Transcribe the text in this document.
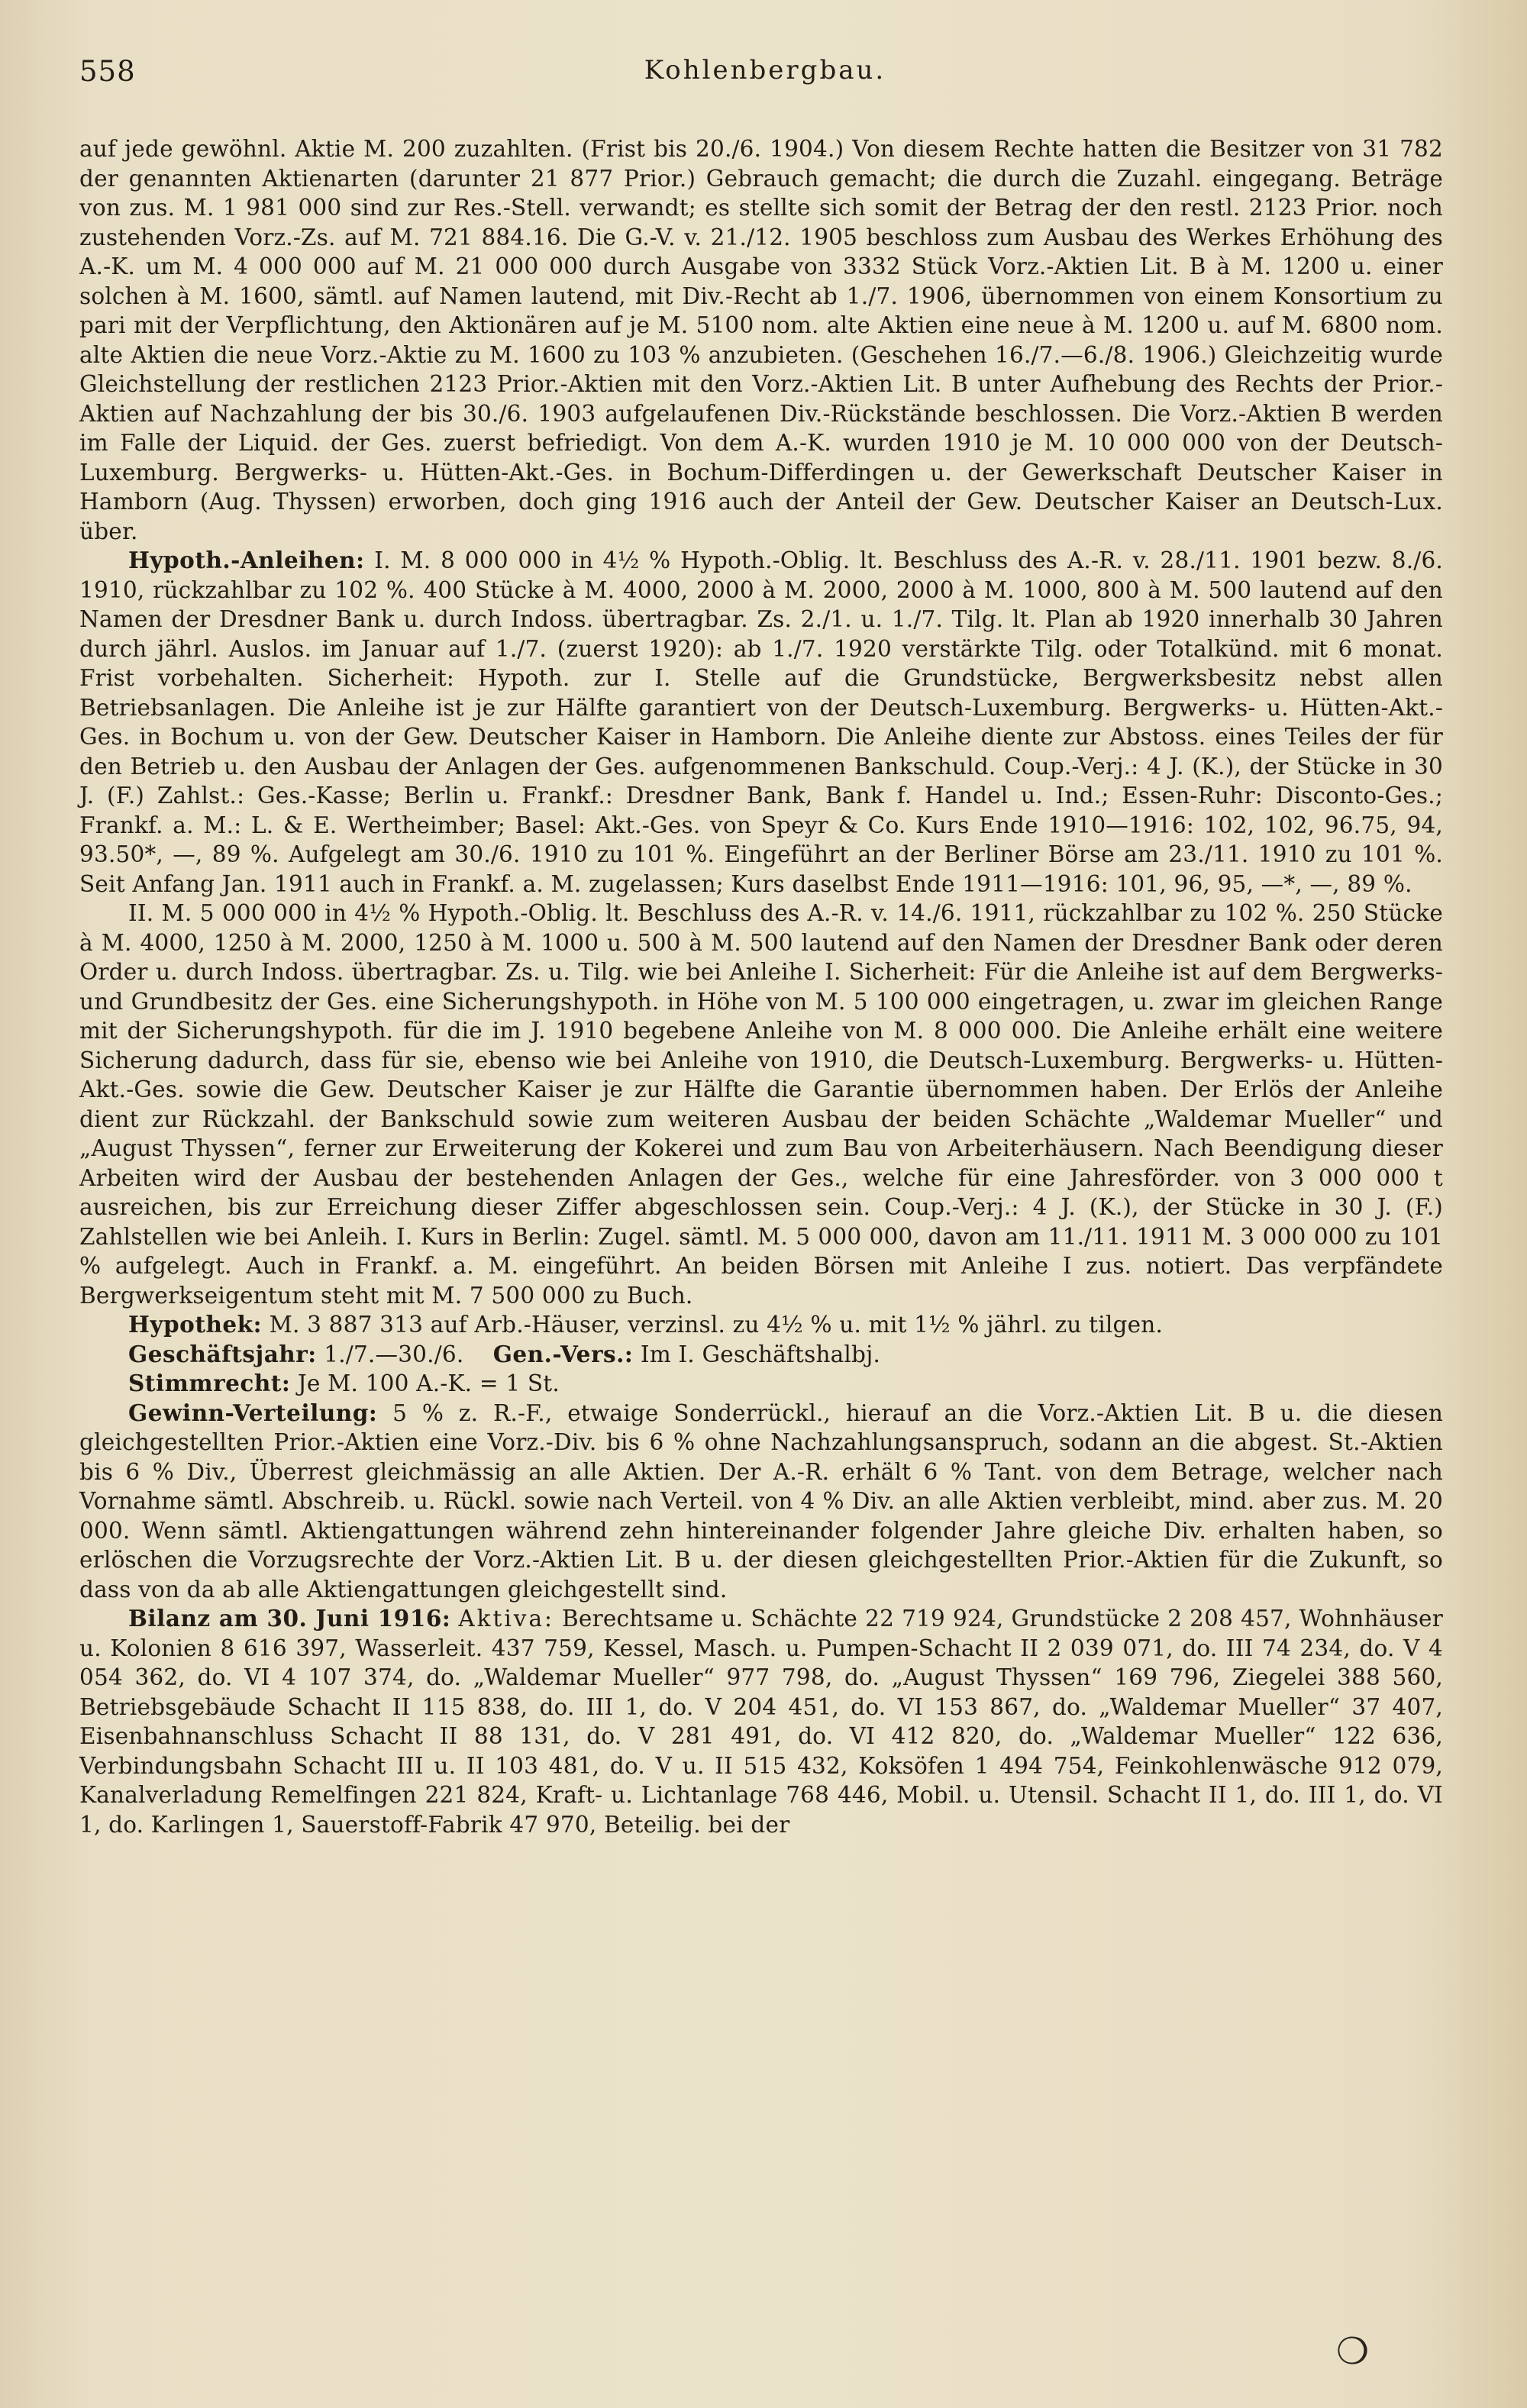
558	Kohlenbergbau.

auf jede gewöhnl. Aktie M. 200 zuzahlten. (Frist bis 20./6. 1904.) Von diesem Rechte hatten die Besitzer von 31 782 der genannten Aktienarten (darunter 21 877 Prior.) Gebrauch gemacht; die durch die Zuzahl. eingegang. Beträge von zus. M. 1 981 000 sind zur Res.-Stell. verwandt; es stellte sich somit der Betrag der den restl. 2123 Prior. noch zustehenden Vorz.-Zs. auf M. 721 884.16. Die G.-V. v. 21./12. 1905 beschloss zum Ausbau des Werkes Erhöhung des A.-K. um M. 4 000 000 auf M. 21 000 000 durch Ausgabe von 3332 Stück Vorz.-Aktien Lit. B à M. 1200 u. einer solchen à M. 1600, sämtl. auf Namen lautend, mit Div.-Recht ab 1./7. 1906, übernommen von einem Konsortium zu pari mit der Verpflichtung, den Aktionären auf je M. 5100 nom. alte Aktien eine neue à M. 1200 u. auf M. 6800 nom. alte Aktien die neue Vorz.-Aktie zu M. 1600 zu 103 % anzubieten. (Geschehen 16./7.—6./8. 1906.) Gleichzeitig wurde Gleichstellung der restlichen 2123 Prior.-Aktien mit den Vorz.-Aktien Lit. B unter Aufhebung des Rechts der Prior.-Aktien auf Nachzahlung der bis 30./6. 1903 aufgelaufenen Div.-Rückstände beschlossen. Die Vorz.-Aktien B werden im Falle der Liquid. der Ges. zuerst befriedigt. Von dem A.-K. wurden 1910 je M. 10 000 000 von der Deutsch-Luxemburg. Bergwerks- u. Hütten-Akt.-Ges. in Bochum-Differdingen u. der Gewerkschaft Deutscher Kaiser in Hamborn (Aug. Thyssen) erworben, doch ging 1916 auch der Anteil der Gew. Deutscher Kaiser an Deutsch-Lux. über.

Hypoth.-Anleihen: I. M. 8 000 000 in 4½ % Hypoth.-Oblig. lt. Beschluss des A.-R. v. 28./11. 1901 bezw. 8./6. 1910, rückzahlbar zu 102 %. 400 Stücke à M. 4000, 2000 à M. 2000, 2000 à M. 1000, 800 à M. 500 lautend auf den Namen der Dresdner Bank u. durch Indoss. übertragbar. Zs. 2./1. u. 1./7. Tilg. lt. Plan ab 1920 innerhalb 30 Jahren durch jährl. Auslos. im Januar auf 1./7. (zuerst 1920): ab 1./7. 1920 verstärkte Tilg. oder Totalkünd. mit 6 monat. Frist vorbehalten. Sicherheit: Hypoth. zur I. Stelle auf die Grundstücke, Bergwerksbesitz nebst allen Betriebsanlagen. Die Anleihe ist je zur Hälfte garantiert von der Deutsch-Luxemburg. Bergwerks- u. Hütten-Akt.-Ges. in Bochum u. von der Gew. Deutscher Kaiser in Hamborn. Die Anleihe diente zur Abstoss. eines Teiles der für den Betrieb u. den Ausbau der Anlagen der Ges. aufgenommenen Bankschuld. Coup.-Verj.: 4 J. (K.), der Stücke in 30 J. (F.) Zahlst.: Ges.-Kasse; Berlin u. Frankf.: Dresdner Bank, Bank f. Handel u. Ind.; Essen-Ruhr: Disconto-Ges.; Frankf. a. M.: L. & E. Wertheimber; Basel: Akt.-Ges. von Speyr & Co. Kurs Ende 1910—1916: 102, 102, 96.75, 94, 93.50*, —, 89 %. Aufgelegt am 30./6. 1910 zu 101 %. Eingeführt an der Berliner Börse am 23./11. 1910 zu 101 %. Seit Anfang Jan. 1911 auch in Frankf. a. M. zugelassen; Kurs daselbst Ende 1911—1916: 101, 96, 95, —*, —, 89 %.

II. M. 5 000 000 in 4½ % Hypoth.-Oblig. lt. Beschluss des A.-R. v. 14./6. 1911, rückzahlbar zu 102 %. 250 Stücke à M. 4000, 1250 à M. 2000, 1250 à M. 1000 u. 500 à M. 500 lautend auf den Namen der Dresdner Bank oder deren Order u. durch Indoss. übertragbar. Zs. u. Tilg. wie bei Anleihe I. Sicherheit: Für die Anleihe ist auf dem Bergwerks- und Grundbesitz der Ges. eine Sicherungshypoth. in Höhe von M. 5 100 000 eingetragen, u. zwar im gleichen Range mit der Sicherungshypoth. für die im J. 1910 begebene Anleihe von M. 8 000 000. Die Anleihe erhält eine weitere Sicherung dadurch, dass für sie, ebenso wie bei Anleihe von 1910, die Deutsch-Luxemburg. Bergwerks- u. Hütten-Akt.-Ges. sowie die Gew. Deutscher Kaiser je zur Hälfte die Garantie übernommen haben. Der Erlös der Anleihe dient zur Rückzahl. der Bankschuld sowie zum weiteren Ausbau der beiden Schächte „Waldemar Mueller“ und „August Thyssen“, ferner zur Erweiterung der Kokerei und zum Bau von Arbeiterhäusern. Nach Beendigung dieser Arbeiten wird der Ausbau der bestehenden Anlagen der Ges., welche für eine Jahresförder. von 3 000 000 t ausreichen, bis zur Erreichung dieser Ziffer abgeschlossen sein. Coup.-Verj.: 4 J. (K.), der Stücke in 30 J. (F.) Zahlstellen wie bei Anleih. I. Kurs in Berlin: Zugel. sämtl. M. 5 000 000, davon am 11./11. 1911 M. 3 000 000 zu 101 % aufgelegt. Auch in Frankf. a. M. eingeführt. An beiden Börsen mit Anleihe I zus. notiert. Das verpfändete Bergwerkseigentum steht mit M. 7 500 000 zu Buch.

Hypothek: M. 3 887 313 auf Arb.-Häuser, verzinsl. zu 4½ % u. mit 1½ % jährl. zu tilgen.

Geschäftsjahr: 1./7.—30./6. Gen.-Vers.: Im I. Geschäftshalbj.

Stimmrecht: Je M. 100 A.-K. = 1 St.

Gewinn-Verteilung: 5 % z. R.-F., etwaige Sonderrückl., hierauf an die Vorz.-Aktien Lit. B u. die diesen gleichgestellten Prior.-Aktien eine Vorz.-Div. bis 6 % ohne Nachzahlungsanspruch, sodann an die abgest. St.-Aktien bis 6 % Div., Überrest gleichmässig an alle Aktien. Der A.-R. erhält 6 % Tant. von dem Betrage, welcher nach Vornahme sämtl. Abschreib. u. Rückl. sowie nach Verteil. von 4 % Div. an alle Aktien verbleibt, mind. aber zus. M. 20 000. Wenn sämtl. Aktiengattungen während zehn hintereinander folgender Jahre gleiche Div. erhalten haben, so erlöschen die Vorzugsrechte der Vorz.-Aktien Lit. B u. der diesen gleichgestellten Prior.-Aktien für die Zukunft, so dass von da ab alle Aktiengattungen gleichgestellt sind.

Bilanz am 30. Juni 1916: Aktiva: Berechtsame u. Schächte 22 719 924, Grundstücke 2 208 457, Wohnhäuser u. Kolonien 8 616 397, Wasserleit. 437 759, Kessel, Masch. u. Pumpen-Schacht II 2 039 071, do. III 74 234, do. V 4 054 362, do. VI 4 107 374, do. „Waldemar Mueller“ 977 798, do. „August Thyssen“ 169 796, Ziegelei 388 560, Betriebsgebäude Schacht II 115 838, do. III 1, do. V 204 451, do. VI 153 867, do. „Waldemar Mueller“ 37 407, Eisenbahnanschluss Schacht II 88 131, do. V 281 491, do. VI 412 820, do. „Waldemar Mueller“ 122 636, Verbindungsbahn Schacht III u. II 103 481, do. V u. II 515 432, Koksöfen 1 494 754, Feinkohlenwäsche 912 079, Kanalverladung Remelfingen 221 824, Kraft- u. Lichtanlage 768 446, Mobil. u. Utensil. Schacht II 1, do. III 1, do. VI 1, do. Karlingen 1, Sauerstoff-Fabrik 47 970, Beteilig. bei der

❍
